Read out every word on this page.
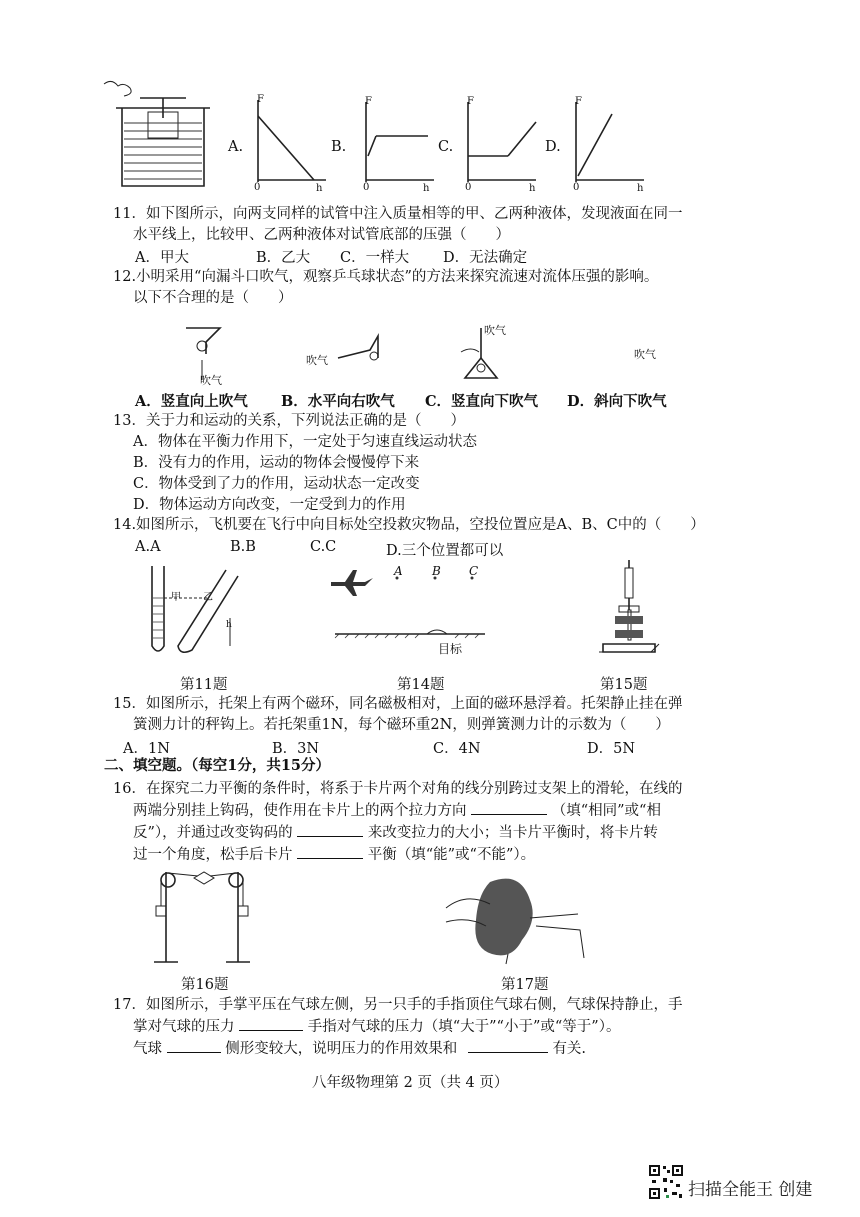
A.
F
0	h
B.
F
0	h
C.
F
0	h
D.
F
0	h
11．如下图所示，向两支同样的试管中注入质量相等的甲、乙两种液体，发现液面在同一
水平线上，比较甲、乙两种液体对试管底部的压强（　　）
A．甲大	B．乙大 C．一样大 D．无法确定
12.小明采用“向漏斗口吹气，观察乒乓球状态”的方法来探究流速对流体压强的影响。
以下不合理的是（　　）
吹气
吹气
吹气
吹气
A．竖直向上吹气 B．水平向右吹气 C．竖直向下吹气 D．斜向下吹气
13．关于力和运动的关系，下列说法正确的是（　　）
A．物体在平衡力作用下，一定处于匀速直线运动状态
B．没有力的作用，运动的物体会慢慢停下来
C．物体受到了力的作用，运动状态一定改变
D．物体运动方向改变，一定受到力的作用
14.如图所示，飞机要在飞行中向目标处空投救灾物品，空投位置应是A、B、C中的（　　）
A.A	B.B	C.C	D.三个位置都可以
甲 乙
h
A B C
目标
第11题	第14题	第15题
15．如图所示，托架上有两个磁环，同名磁极相对，上面的磁环悬浮着。托架静止挂在弹
簧测力计的秤钩上。若托架重1N，每个磁环重2N，则弹簧测力计的示数为（　　）
A．1N	B．3N	C．4N	D．5N
二、填空题。（每空1分，共15分）
16．在探究二力平衡的条件时，将系于卡片两个对角的线分别跨过支架上的滑轮，在线的
两端分别挂上钩码，使作用在卡片上的两个拉力方向	（填“相同”或“相
反”），并通过改变钩码的	来改变拉力的大小；当卡片平衡时，将卡片转
过一个角度，松手后卡片	平衡（填“能”或“不能”）。
第16题	第17题
17．如图所示，手掌平压在气球左侧，另一只手的手指顶住气球右侧，气球保持静止，手
掌对气球的压力	手指对气球的压力（填“大于”“小于”或“等于”）。
气球	侧形变较大，说明压力的作用效果和	有关.
八年级物理第 2 页（共 4 页）
扫描全能王 创建
